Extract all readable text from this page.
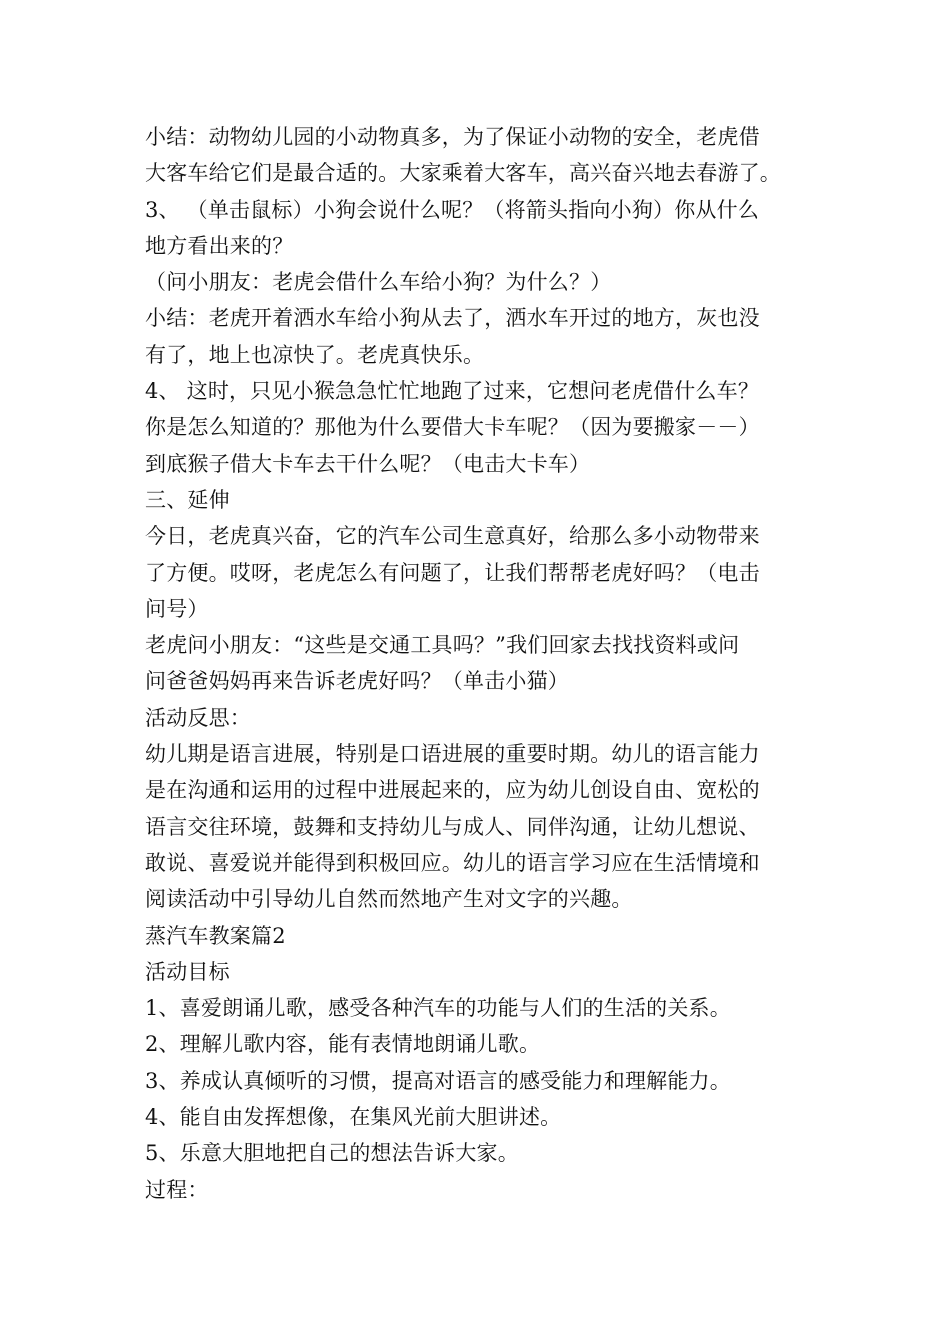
小结：动物幼儿园的小动物真多，为了保证小动物的安全，老虎借
大客车给它们是最合适的。大家乘着大客车，高兴奋兴地去春游了。
3、 （单击鼠标）小狗会说什么呢？（将箭头指向小狗）你从什么
地方看出来的？
（问小朋友：老虎会借什么车给小狗？为什么？）
小结：老虎开着洒水车给小狗从去了，洒水车开过的地方，灰也没
有了，地上也凉快了。老虎真快乐。
4、 这时，只见小猴急急忙忙地跑了过来，它想问老虎借什么车？
你是怎么知道的？那他为什么要借大卡车呢？（因为要搬家－－）
到底猴子借大卡车去干什么呢？（电击大卡车）
三、延伸
今日，老虎真兴奋，它的汽车公司生意真好，给那么多小动物带来
了方便。哎呀，老虎怎么有问题了，让我们帮帮老虎好吗？（电击
问号）
老虎问小朋友：“这些是交通工具吗？”我们回家去找找资料或问
问爸爸妈妈再来告诉老虎好吗？（单击小猫）
活动反思：
幼儿期是语言进展，特别是口语进展的重要时期。幼儿的语言能力
是在沟通和运用的过程中进展起来的，应为幼儿创设自由、宽松的
语言交往环境，鼓舞和支持幼儿与成人、同伴沟通，让幼儿想说、
敢说、喜爱说并能得到积极回应。幼儿的语言学习应在生活情境和
阅读活动中引导幼儿自然而然地产生对文字的兴趣。
蒸汽车教案篇2
活动目标
1、喜爱朗诵儿歌，感受各种汽车的功能与人们的生活的关系。
2、理解儿歌内容，能有表情地朗诵儿歌。
3、养成认真倾听的习惯，提高对语言的感受能力和理解能力。
4、能自由发挥想像，在集风光前大胆讲述。
5、乐意大胆地把自己的想法告诉大家。
过程：
